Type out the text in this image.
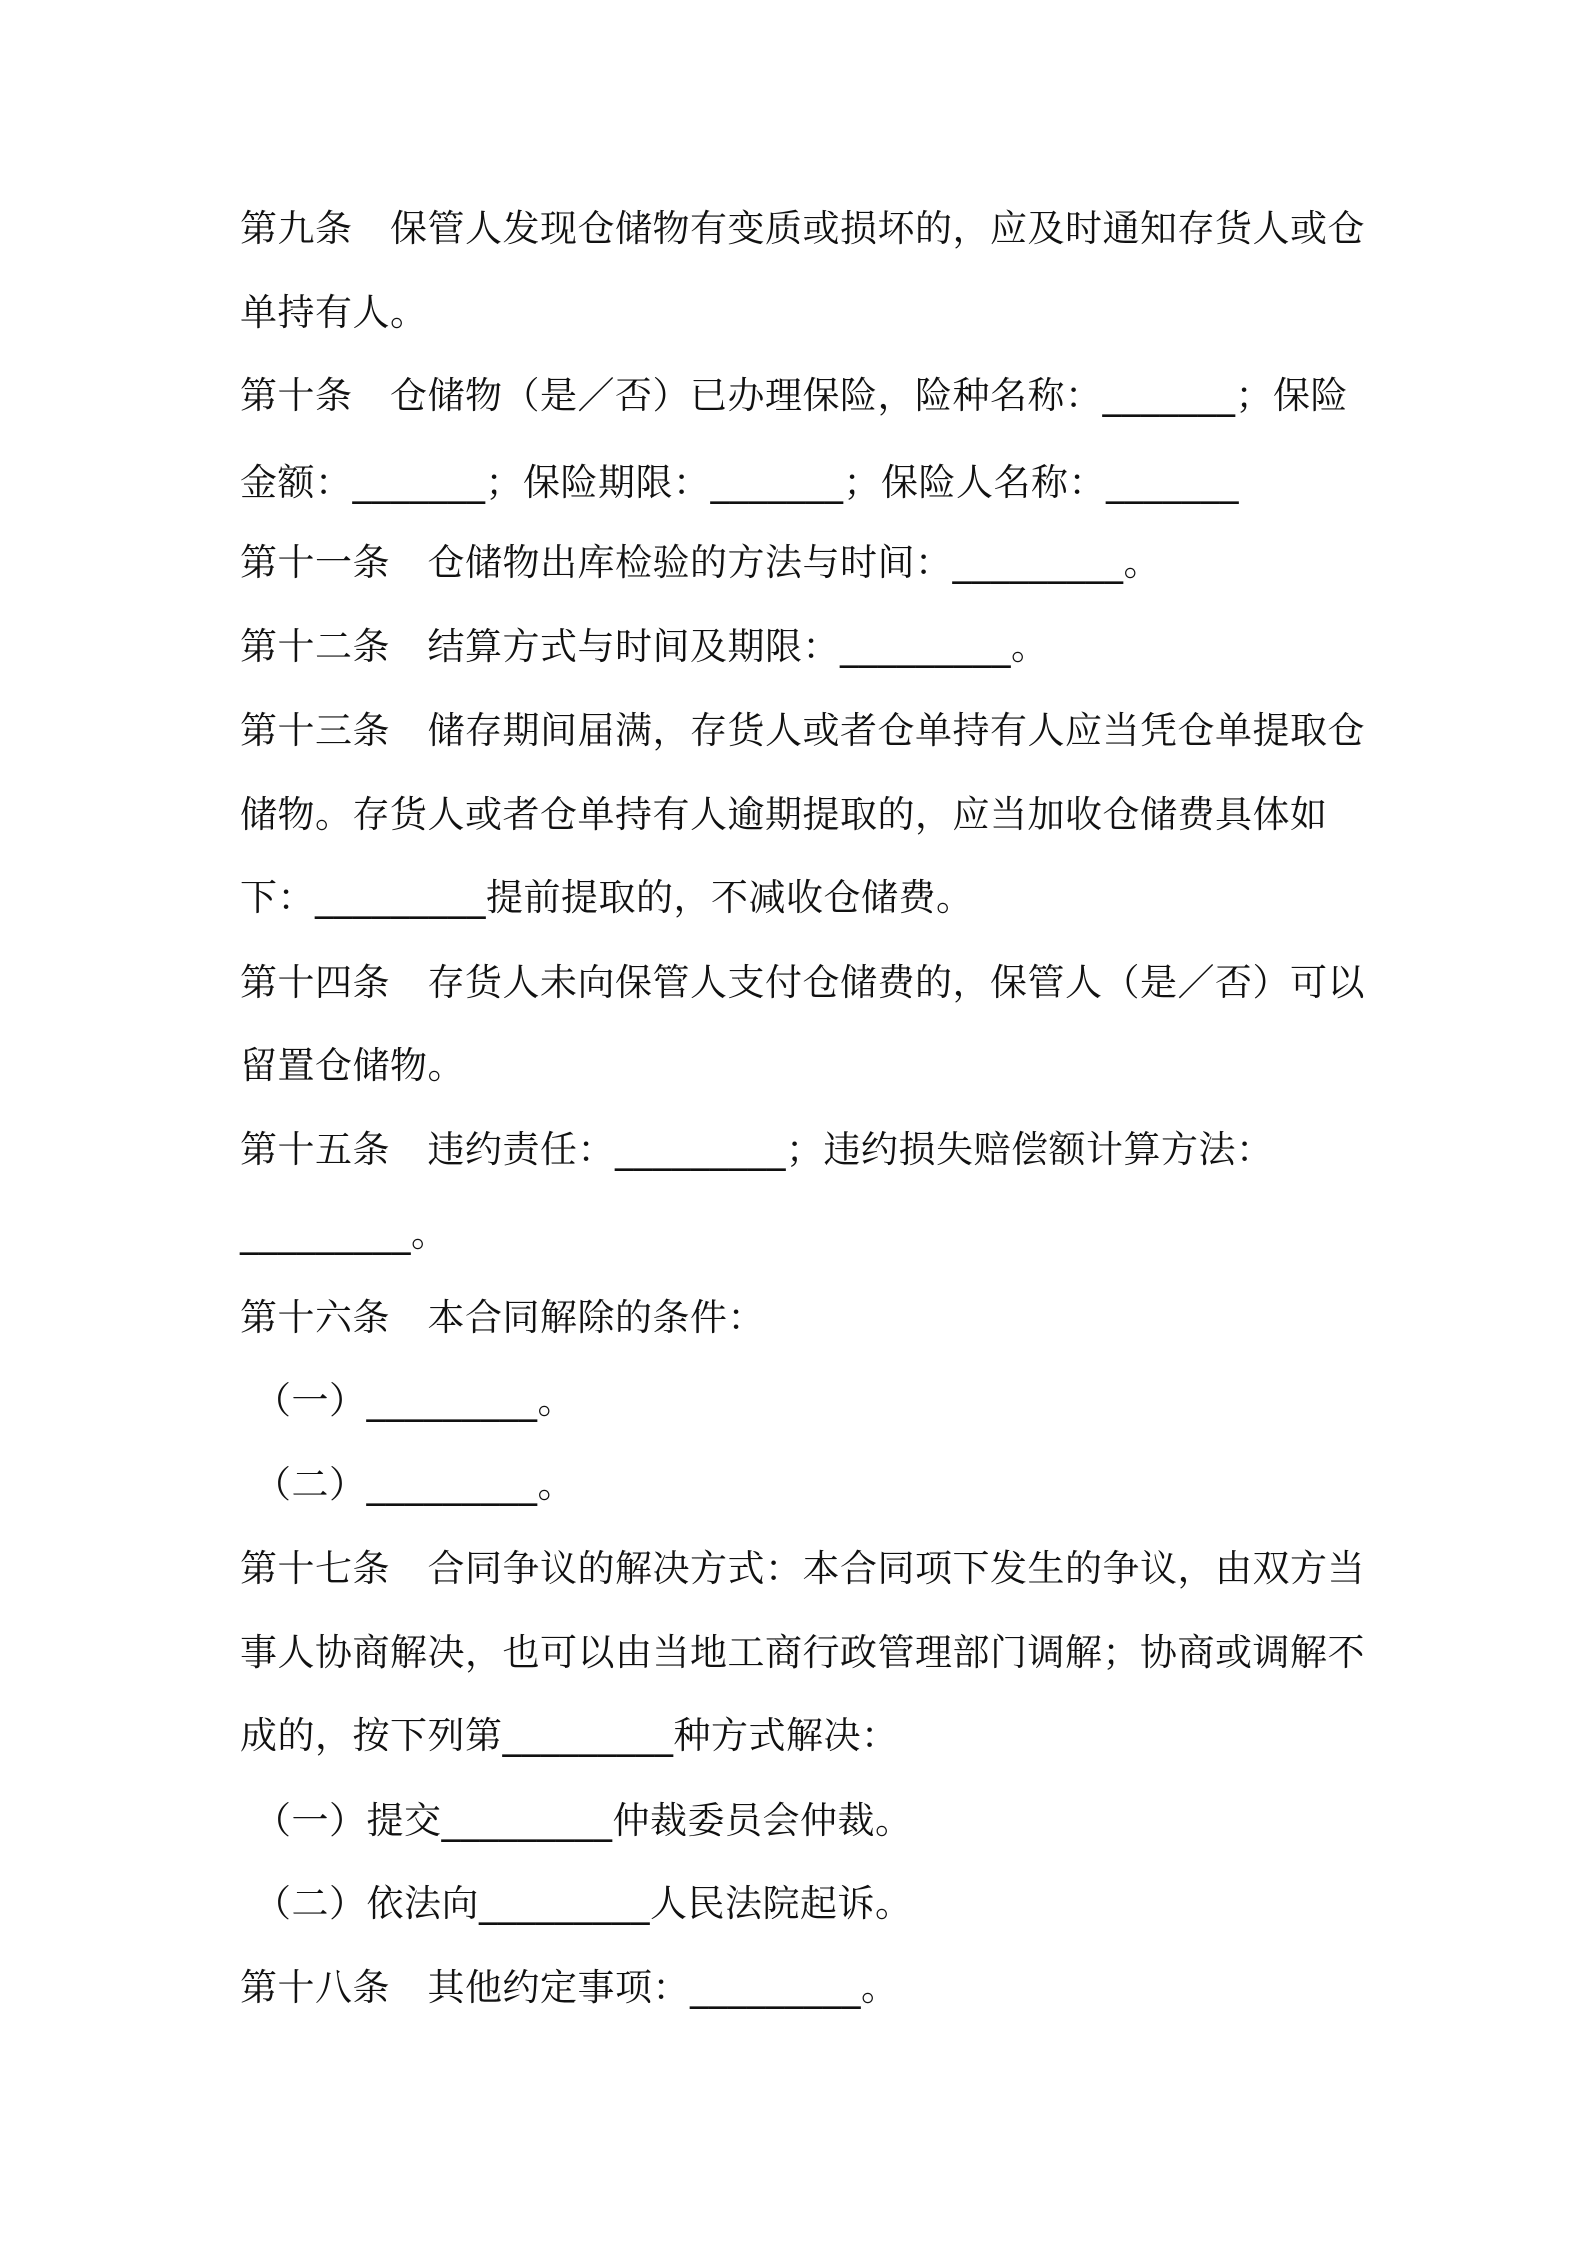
第九条　保管人发现仓储物有变质或损坏的，应及时通知存货人或仓
单持有人。
第十条　仓储物（是／否）已办理保险，险种名称：_______；保险
金额：_______；保险期限：_______；保险人名称：_______
第十一条　仓储物出库检验的方法与时间：_________。
第十二条　结算方式与时间及期限：_________。
第十三条　储存期间届满，存货人或者仓单持有人应当凭仓单提取仓
储物。存货人或者仓单持有人逾期提取的，应当加收仓储费具体如
下：_________提前提取的，不减收仓储费。
第十四条　存货人未向保管人支付仓储费的，保管人（是／否）可以
留置仓储物。
第十五条　违约责任：_________；违约损失赔偿额计算方法：
_________。
第十六条　本合同解除的条件：
（一）_________。
（二）_________。
第十七条　合同争议的解决方式：本合同项下发生的争议，由双方当
事人协商解决，也可以由当地工商行政管理部门调解；协商或调解不
成的，按下列第_________种方式解决：
（一）提交_________仲裁委员会仲裁。
（二）依法向_________人民法院起诉。
第十八条　其他约定事项：_________。
